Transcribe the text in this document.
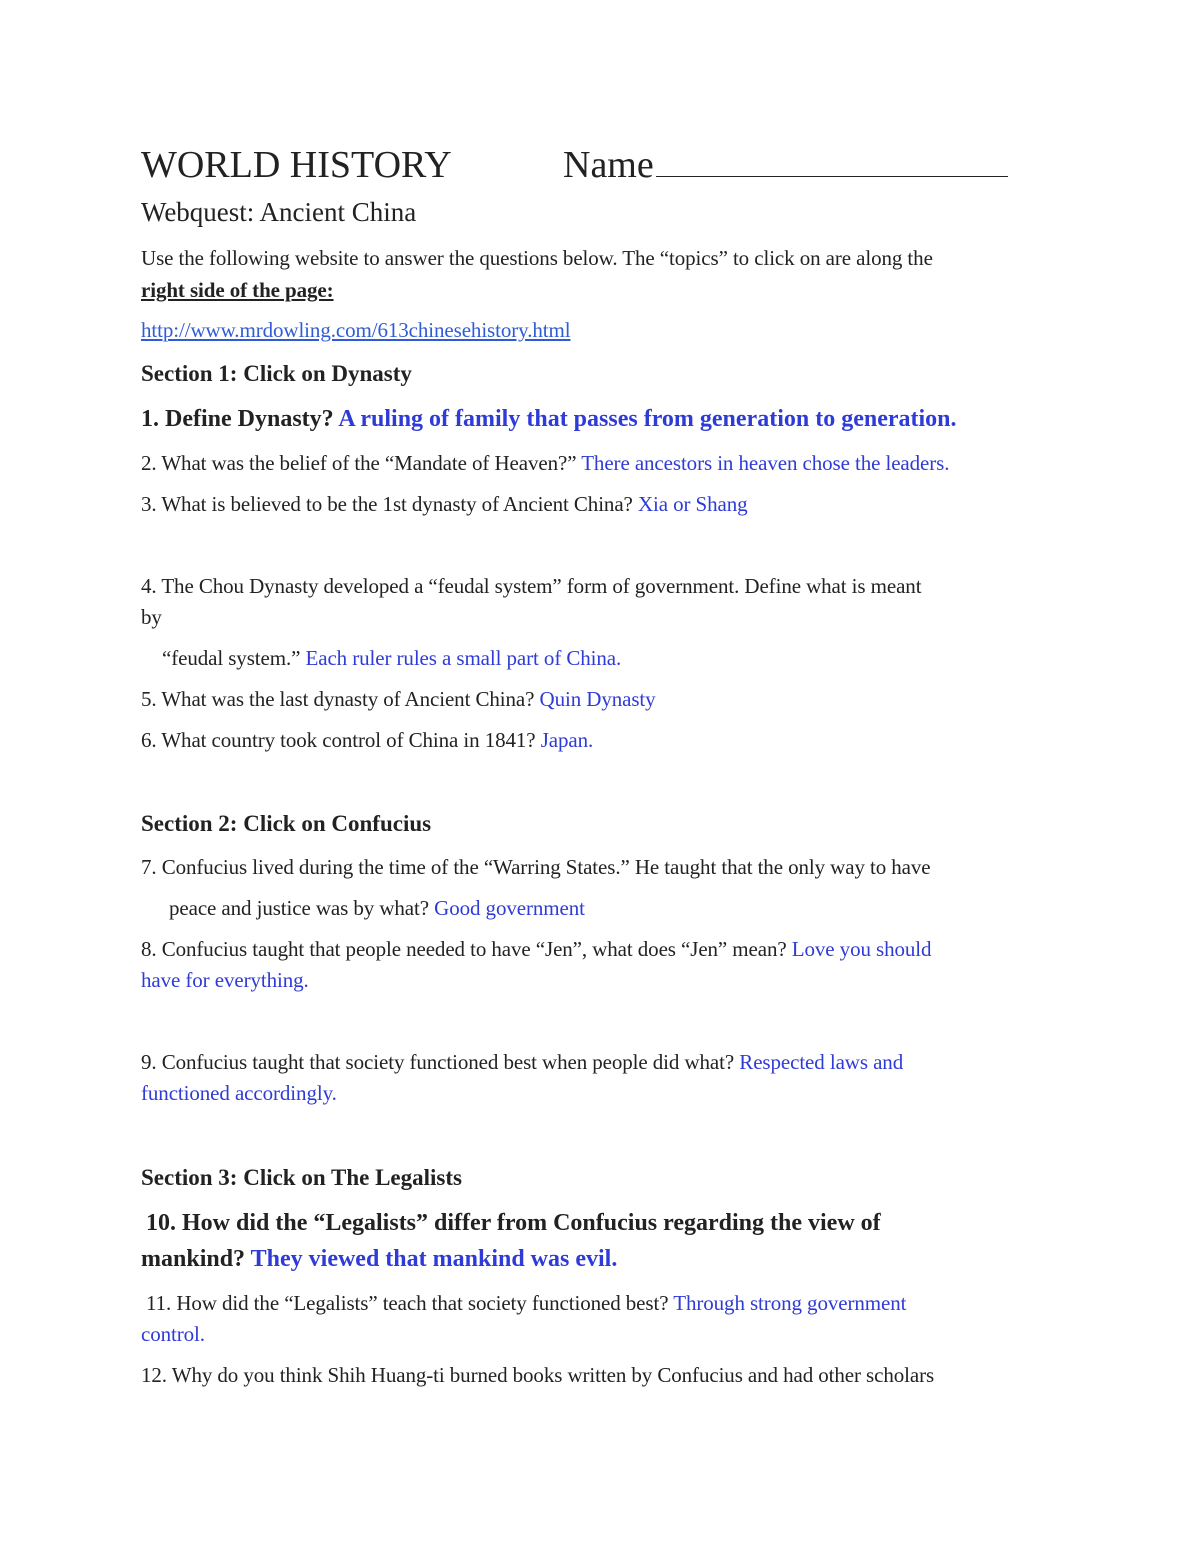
WORLD HISTORY	Name
Webquest: Ancient China
Use the following website to answer the questions below. The “topics” to click on are along the
right side of the page:
http://www.mrdowling.com/613chinesehistory.html
Section 1: Click on Dynasty
1. Define Dynasty? A ruling of family that passes from generation to generation.
2. What was the belief of the “Mandate of Heaven?” There ancestors in heaven chose the leaders.
3. What is believed to be the 1st dynasty of Ancient China? Xia or Shang
4. The Chou Dynasty developed a “feudal system” form of government. Define what is meant
by
“feudal system.” Each ruler rules a small part of China.
5. What was the last dynasty of Ancient China? Quin Dynasty
6. What country took control of China in 1841? Japan.
Section 2: Click on Confucius
7. Confucius lived during the time of the “Warring States.” He taught that the only way to have
peace and justice was by what? Good government
8. Confucius taught that people needed to have “Jen”, what does “Jen” mean? Love you should
have for everything.
9. Confucius taught that society functioned best when people did what? Respected laws and
functioned accordingly.
Section 3: Click on The Legalists
10. How did the “Legalists” differ from Confucius regarding the view of
mankind? They viewed that mankind was evil.
11. How did the “Legalists” teach that society functioned best? Through strong government
control.
12. Why do you think Shih Huang-ti burned books written by Confucius and had other scholars
